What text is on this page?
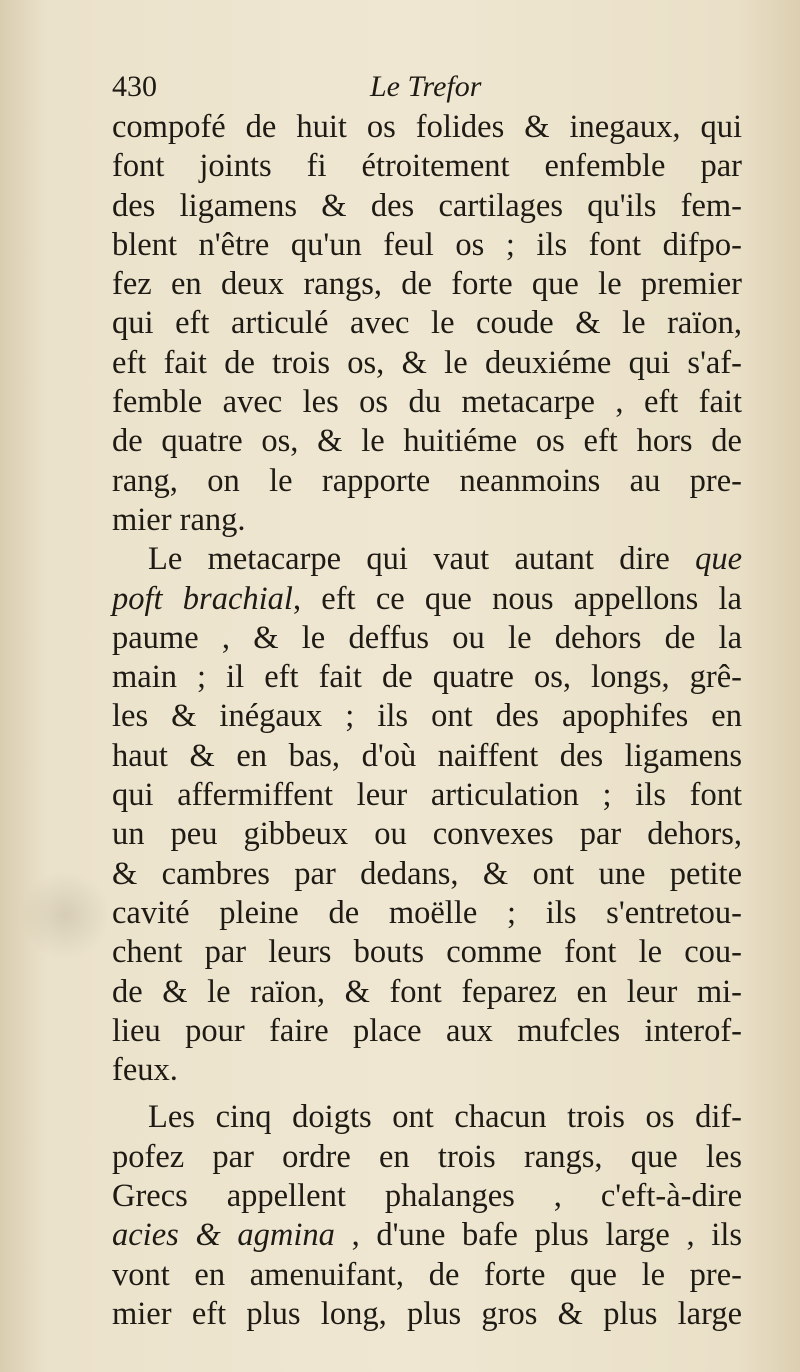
430	Le Trefor
compofé de huit os folides & inegaux, qui
font joints fi étroitement enfemble par
des ligamens & des cartilages qu'ils fem-
blent n'être qu'un feul os ; ils font difpo-
fez en deux rangs, de forte que le premier
qui eft articulé avec le coude & le raïon,
eft fait de trois os, & le deuxiéme qui s'af-
femble avec les os du metacarpe , eft fait
de quatre os, & le huitiéme os eft hors de
rang, on le rapporte neanmoins au pre-
mier rang.
Le metacarpe qui vaut autant dire que
poft brachial, eft ce que nous appellons la
paume , & le deffus ou le dehors de la
main ; il eft fait de quatre os, longs, grê-
les & inégaux ; ils ont des apophifes en
haut & en bas, d'où naiffent des ligamens
qui affermiffent leur articulation ; ils font
un peu gibbeux ou convexes par dehors,
& cambres par dedans, & ont une petite
cavité pleine de moëlle ; ils s'entretou-
chent par leurs bouts comme font le cou-
de & le raïon, & font feparez en leur mi-
lieu pour faire place aux mufcles interof-
feux.
Les cinq doigts ont chacun trois os dif-
pofez par ordre en trois rangs, que les
Grecs appellent phalanges , c'eft-à-dire
acies & agmina , d'une bafe plus large , ils
vont en amenuifant, de forte que le pre-
mier eft plus long, plus gros & plus large
